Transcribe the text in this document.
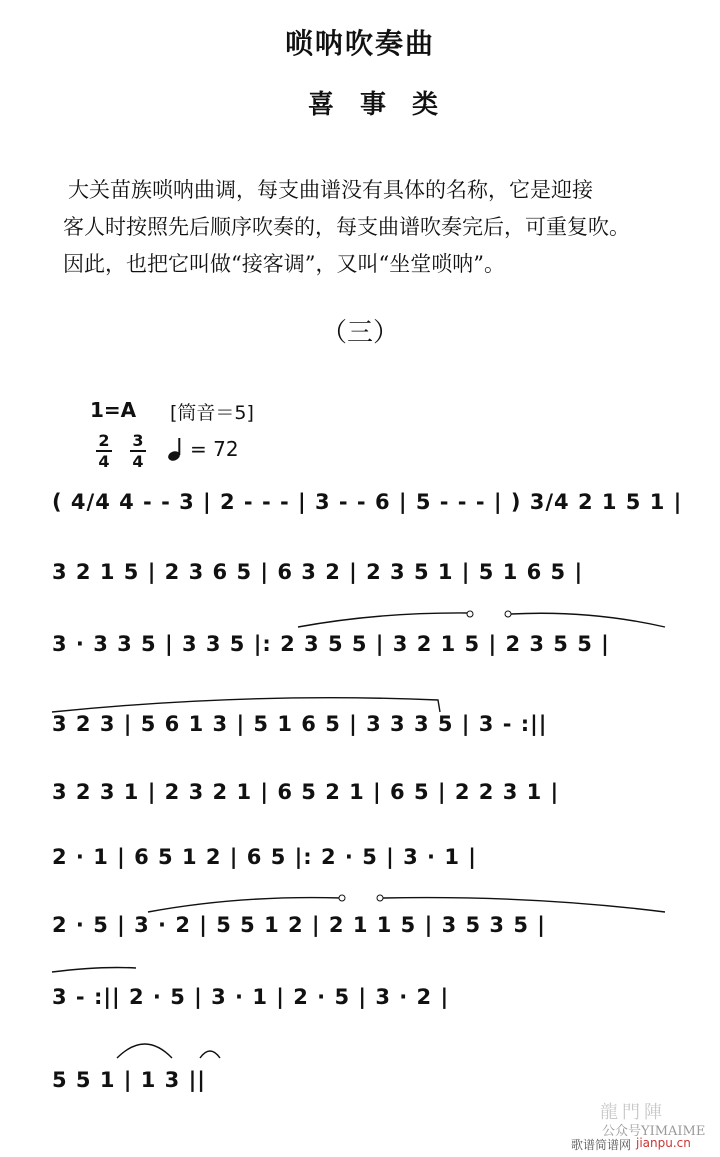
唢呐吹奏曲
喜事类
大关苗族唢呐曲调，每支曲谱没有具体的名称，它是迎接
客人时按照先后顺序吹奏的，每支曲谱吹奏完后，可重复吹。
因此，也把它叫做“接客调”，又叫“坐堂唢呐”。
（三）
1=A [筒音＝5]
2
4
3
4
= 72
( 4/4 4 - - 3 | 2 - - - | 3 - - 6 | 5 - - - | ) 3/4 2 1 5 1 |
3 2 1 5 | 2 3 6 5 | 6 3 2 | 2 3 5 1 | 5 1 6 5 |
3 · 3 3 5 | 3 3 5 |: 2 3 5 5 | 3 2 1 5 | 2 3 5 5 |
3 2 3 | 5 6 1 3 | 5 1 6 5 | 3 3 3 5 | 3 - :||
3 2 3 1 | 2 3 2 1 | 6 5 2 1 | 6 5 | 2 2 3 1 |
2 · 1 | 6 5 1 2 | 6 5 |: 2 · 5 | 3 · 1 |
2 · 5 | 3 · 2 | 5 5 1 2 | 2 1 1 5 | 3 5 3 5 |
3 - :|| 2 · 5 | 3 · 1 | 2 · 5 | 3 · 2 |
5 5 1 | 1 3 ||
龍門陣
公众号YIMAIME
歌谱简谱网 jianpu.cn
